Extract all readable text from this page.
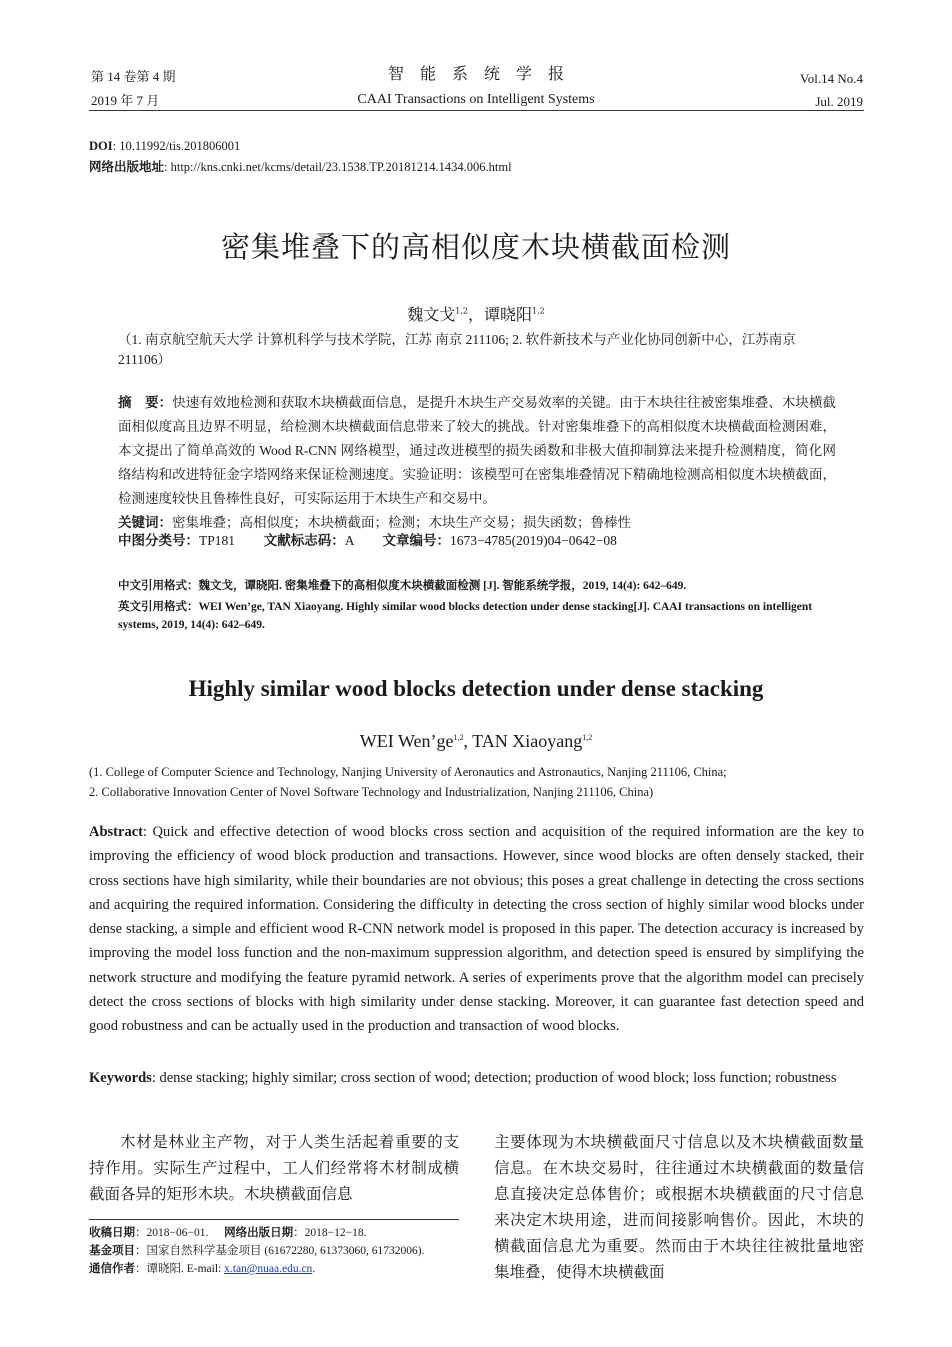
第 14 卷第 4 期
2019 年 7 月
智　能　系　统　学　报
CAAI Transactions on Intelligent Systems
Vol.14 No.4
Jul. 2019
DOI: 10.11992/tis.201806001
网络出版地址: http://kns.cnki.net/kcms/detail/23.1538.TP.20181214.1434.006.html
密集堆叠下的高相似度木块横截面检测
魏文戈$^{1,2}$，谭晓阳$^{1,2}$
（1. 南京航空航天大学 计算机科学与技术学院，江苏 南京 211106; 2. 软件新技术与产业化协同创新中心，江苏南京 211106）
摘　要：快速有效地检测和获取木块横截面信息，是提升木块生产交易效率的关键。由于木块往往被密集堆叠、木块横截面相似度高且边界不明显，给检测木块横截面信息带来了较大的挑战。针对密集堆叠下的高相似度木块横截面检测困难，本文提出了简单高效的 Wood R-CNN 网络模型，通过改进模型的损失函数和非极大值抑制算法来提升检测精度，简化网络结构和改进特征金字塔网络来保证检测速度。实验证明：该模型可在密集堆叠情况下精确地检测高相似度木块横截面，检测速度较快且鲁棒性良好，可实际运用于木块生产和交易中。
关键词：密集堆叠；高相似度；木块横截面；检测；木块生产交易；损失函数；鲁棒性
中图分类号：TP181 文献标志码：A 文章编号：1673−4785(2019)04−0642−08
中文引用格式：魏文戈，谭晓阳. 密集堆叠下的高相似度木块横截面检测 [J]. 智能系统学报，2019, 14(4): 642–649.
英文引用格式：WEI Wen’ge, TAN Xiaoyang. Highly similar wood blocks detection under dense stacking[J]. CAAI transactions on intelligent systems, 2019, 14(4): 642–649.
Highly similar wood blocks detection under dense stacking
WEI Wen’ge$^{1,2}$, TAN Xiaoyang$^{1,2}$
(1. College of Computer Science and Technology, Nanjing University of Aeronautics and Astronautics, Nanjing 211106, China;
2. Collaborative Innovation Center of Novel Software Technology and Industrialization, Nanjing 211106, China)
Abstract: Quick and effective detection of wood blocks cross section and acquisition of the required information are the key to improving the efficiency of wood block production and transactions. However, since wood blocks are often densely stacked, their cross sections have high similarity, while their boundaries are not obvious; this poses a great challenge in detecting the cross sections and acquiring the required information. Considering the difficulty in detecting the cross section of highly similar wood blocks under dense stacking, a simple and efficient wood R-CNN network model is proposed in this paper. The detection accuracy is increased by improving the model loss function and the non-maximum suppression algorithm, and detection speed is ensured by simplifying the network structure and modifying the feature pyramid network. A series of experiments prove that the algorithm model can precisely detect the cross sections of blocks with high similarity under dense stacking. Moreover, it can guarantee fast detection speed and good robustness and can be actually used in the production and transaction of wood blocks.
Keywords: dense stacking; highly similar; cross section of wood; detection; production of wood block; loss function; robustness
木材是林业主产物，对于人类生活起着重要的支持作用。实际生产过程中，工人们经常将木材制成横截面各异的矩形木块。木块横截面信息
主要体现为木块横截面尺寸信息以及木块横截面数量信息。在木块交易时，往往通过木块横截面的数量信息直接决定总体售价；或根据木块横截面的尺寸信息来决定木块用途，进而间接影响售价。因此，木块的横截面信息尤为重要。然而由于木块往往被批量地密集堆叠，使得木块横截面
收稿日期：2018−06−01. 网络出版日期：2018−12−18.
基金项目：国家自然科学基金项目 (61672280, 61373060, 61732006).
通信作者：谭晓阳. E-mail: x.tan@nuaa.edu.cn.
